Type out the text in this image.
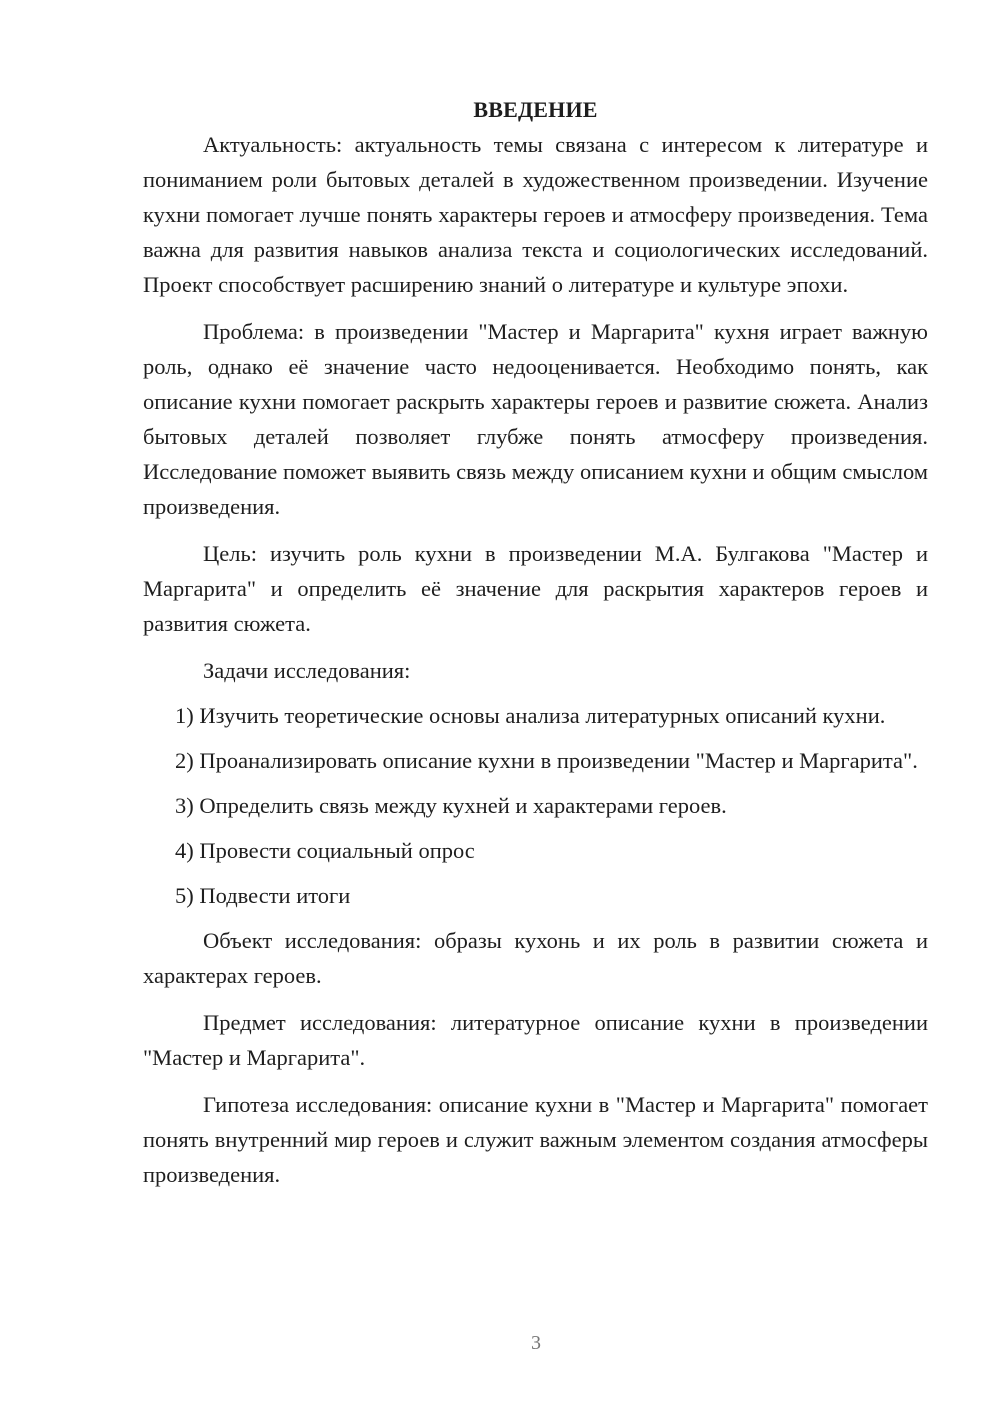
ВВЕДЕНИЕ

Актуальность: актуальность темы связана с интересом к литературе и пониманием роли бытовых деталей в художественном произведении. Изучение кухни помогает лучше понять характеры героев и атмосферу произведения. Тема важна для развития навыков анализа текста и социологических исследований. Проект способствует расширению знаний о литературе и культуре эпохи.

Проблема: в произведении "Мастер и Маргарита" кухня играет важную роль, однако её значение часто недооценивается. Необходимо понять, как описание кухни помогает раскрыть характеры героев и развитие сюжета. Анализ бытовых деталей позволяет глубже понять атмосферу произведения. Исследование поможет выявить связь между описанием кухни и общим смыслом произведения.

Цель: изучить роль кухни в произведении М.А. Булгакова "Мастер и Маргарита" и определить её значение для раскрытия характеров героев и развития сюжета.

Задачи исследования:

1) Изучить теоретические основы анализа литературных описаний кухни.

2) Проанализировать описание кухни в произведении "Мастер и Маргарита".

3) Определить связь между кухней и характерами героев.

4) Провести социальный опрос

5) Подвести итоги

Объект исследования: образы кухонь и их роль в развитии сюжета и характерах героев.

Предмет исследования: литературное описание кухни в произведении "Мастер и Маргарита".

Гипотеза исследования: описание кухни в "Мастер и Маргарита" помогает понять внутренний мир героев и служит важным элементом создания атмосферы произведения.

3
